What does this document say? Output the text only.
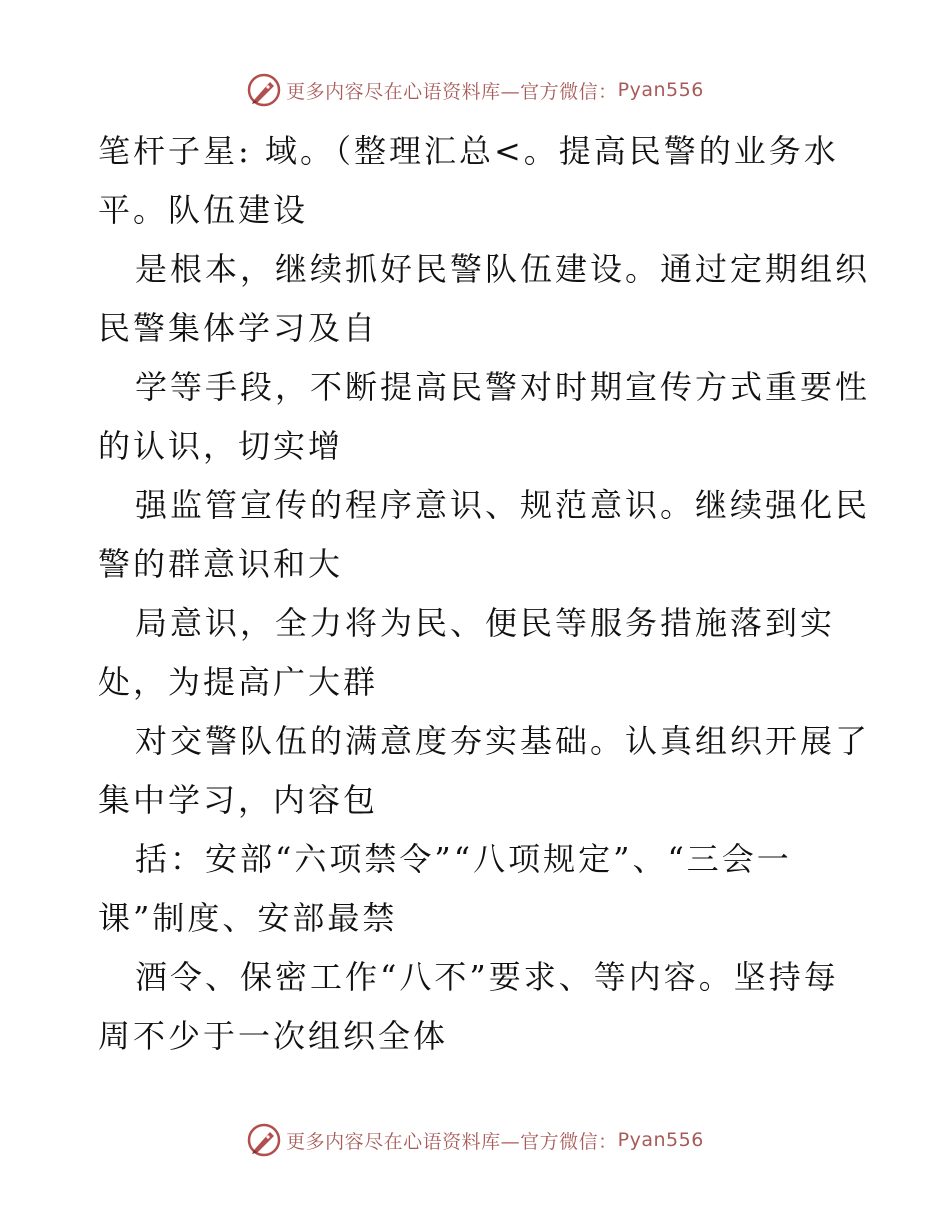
更多内容尽在心语资料库—官方微信： Pyan556

笔杆子星: 域。（整理汇总<。提高民警的业务水

平。队伍建设

是根本，继续抓好民警队伍建设。通过定期组织

民警集体学习及自

学等手段，不断提高民警对时期宣传方式重要性

的认识，切实增

强监管宣传的程序意识、规范意识。继续强化民

警的群意识和大

局意识，全力将为民、便民等服务措施落到实

处，为提高广大群

对交警队伍的满意度夯实基础。认真组织开展了

集中学习，内容包

括：安部“六项禁令”“八项规定”、“三会一

课”制度、安部最禁

酒令、保密工作“八不”要求、等内容。坚持每

周不少于一次组织全体

更多内容尽在心语资料库—官方微信： Pyan556
